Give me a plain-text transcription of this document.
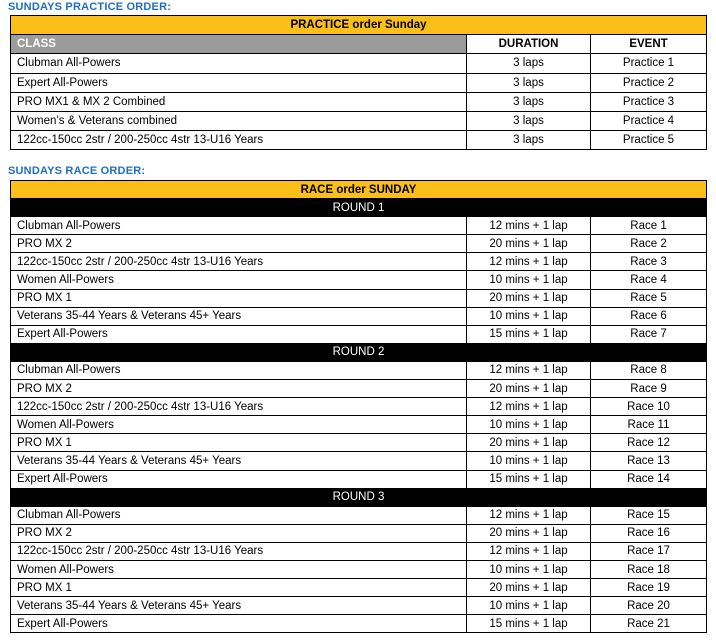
SUNDAYS PRACTICE ORDER:
PRACTICE order Sunday		
CLASS	DURATION	EVENT
Clubman All-Powers	3 laps	Practice 1
Expert All-Powers	3 laps	Practice 2
PRO MX1 & MX 2 Combined	3 laps	Practice 3
Women’s & Veterans combined	3 laps	Practice 4
122cc-150cc 2str / 200-250cc 4str 13-U16 Years	3 laps	Practice 5
SUNDAYS RACE ORDER:
RACE order SUNDAY		
ROUND 1		
Clubman All-Powers	12 mins + 1 lap	Race 1
PRO MX 2	20 mins + 1 lap	Race 2
122cc-150cc 2str / 200-250cc 4str 13-U16 Years	12 mins + 1 lap	Race 3
Women All-Powers	10 mins + 1 lap	Race 4
PRO MX 1	20 mins + 1 lap	Race 5
Veterans 35-44 Years & Veterans 45+ Years	10 mins + 1 lap	Race 6
Expert All-Powers	15 mins + 1 lap	Race 7
ROUND 2		
Clubman All-Powers	12 mins + 1 lap	Race 8
PRO MX 2	20 mins + 1 lap	Race 9
122cc-150cc 2str / 200-250cc 4str 13-U16 Years	12 mins + 1 lap	Race 10
Women All-Powers	10 mins + 1 lap	Race 11
PRO MX 1	20 mins + 1 lap	Race 12
Veterans 35-44 Years & Veterans 45+ Years	10 mins + 1 lap	Race 13
Expert All-Powers	15 mins + 1 lap	Race 14
ROUND 3		
Clubman All-Powers	12 mins + 1 lap	Race 15
PRO MX 2	20 mins + 1 lap	Race 16
122cc-150cc 2str / 200-250cc 4str 13-U16 Years	12 mins + 1 lap	Race 17
Women All-Powers	10 mins + 1 lap	Race 18
PRO MX 1	20 mins + 1 lap	Race 19
Veterans 35-44 Years & Veterans 45+ Years	10 mins + 1 lap	Race 20
Expert All-Powers	15 mins + 1 lap	Race 21
